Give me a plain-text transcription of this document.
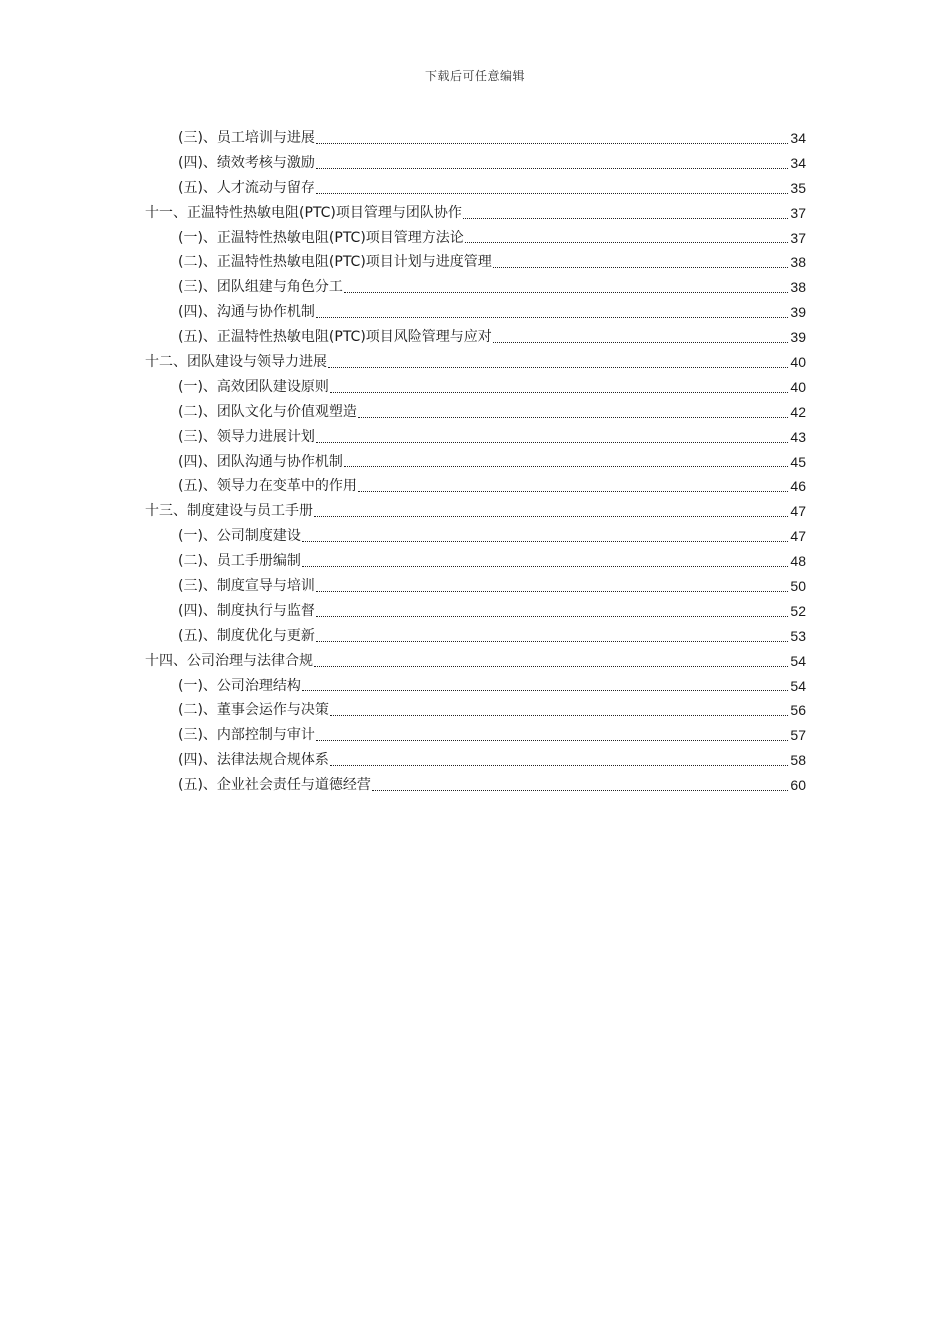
下载后可任意编辑
(三)、员工培训与进展	34
(四)、绩效考核与激励	34
(五)、人才流动与留存	35
十一、正温特性热敏电阻(PTC)项目管理与团队协作	37
(一)、正温特性热敏电阻(PTC)项目管理方法论	37
(二)、正温特性热敏电阻(PTC)项目计划与进度管理	38
(三)、团队组建与角色分工	38
(四)、沟通与协作机制	39
(五)、正温特性热敏电阻(PTC)项目风险管理与应对	39
十二、团队建设与领导力进展	40
(一)、高效团队建设原则	40
(二)、团队文化与价值观塑造	42
(三)、领导力进展计划	43
(四)、团队沟通与协作机制	45
(五)、领导力在变革中的作用	46
十三、制度建设与员工手册	47
(一)、公司制度建设	47
(二)、员工手册编制	48
(三)、制度宣导与培训	50
(四)、制度执行与监督	52
(五)、制度优化与更新	53
十四、公司治理与法律合规	54
(一)、公司治理结构	54
(二)、董事会运作与决策	56
(三)、内部控制与审计	57
(四)、法律法规合规体系	58
(五)、企业社会责任与道德经营	60
